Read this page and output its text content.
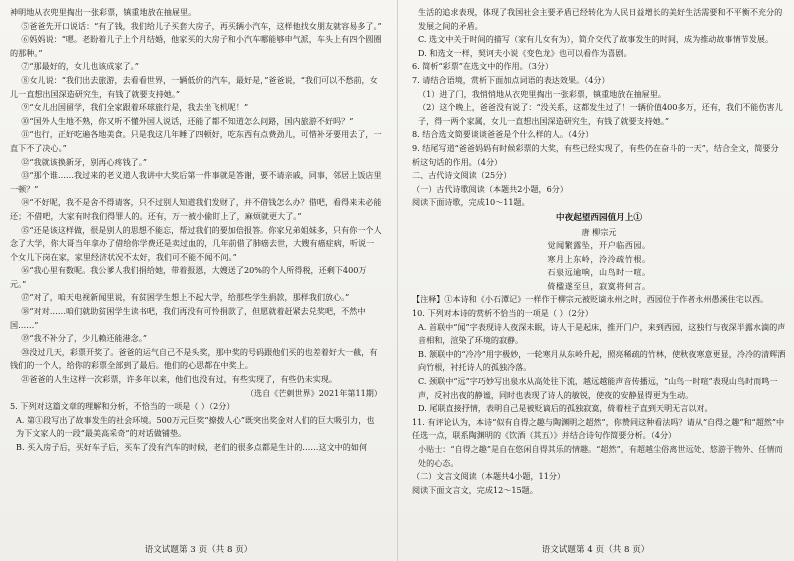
神明地从衣兜里掏出一张彩票，镇重地放在抽屉里。

⑤爸爸先开口说话：“有了钱，我们给儿子买套大房子，再买辆小汽车，这样他找女朋友就容易多了。”

⑥妈妈说：“嗯。老盼着儿子上个月结婚，他家买的大房子和小汽车哪能够申气派，车头上有四个圆圈的那种。”

⑦“那最好的，女儿也该成家了。”

⑧女儿说：“我们出去旅游，去看看世界，一辆低价的汽车，最好是，”爸爸说，“我们可以不愁前，女儿一直想出国深造研究生，有钱了就要支持她。”

⑨“女儿出国留学，我们全家跟着环球旅行是，我去坐飞机呢！”

⑩“国外人生地不熟，你又听不懂外国人说话，还能了都不知道怎么问路，国内旅游不好吗？”

⑪“也行，正好吃遍各地美食。只是我这几年睡了四顿好，吃东西有点费劲儿，可惜补牙要用去了，一直下不了决心。”

⑫“我就该换新牙，别再心疼钱了。”

⑬“那个谁……我过来的老义道人我讲中大奖后第一件事就是答谢，要不请亲戚，同事，邻居上饭店里一顿？”

⑭“不好呢，我不是舍不得请客，只不过别人知道我们发财了，并不借钱怎么办？借吧，看得来未必能还；不借吧，大家有时我们得罪人的。还有，万一被小偷盯上了，麻烦就更大了。”

⑮“还是该这样做，很是别人的思想不能忘，帮过我们的要加倍报答。你家兄弟姐妹多，只有你一个人念了大学，你大哥当年拿办了借给你学费还是卖过血的，几年前借了肺癌去世，大嫂有癌症病，听说一个女儿下岗在家，家里经济状况不太好，我们可不能不闻不问。”

⑯“我心里有数呢。我公爹人我们捐给她，带着报恩，大嫂送了20%的个人所得税，还剩下400万元。”

⑰“对了，咱天电视新闻里说，有贫困学生想上不起大学，给那些学生捐款，那样我们放心。”

⑱“对对……咱们就助贫困学生读书吧，我们再没有可怜捐款了，但愿就着赶紧去兑奖吧，不然中国……”

⑲“我不补分了，少儿赖还能港念。”

⑳没过几天，彩票开奖了。爸爸的运气自己不是头奖，那中奖的号码跟他们买的也差着好大一截，有钱们的一个人，给你的彩票全部到了最后。他们的心思都在中奖上。

㉑爸爸的人生这样一次彩票，许多年以来，他们也没有过，有些实现了，有些仍未实现。

（选自《芒刺世界》2021年第11期）

5. 下列对这篇文章的理解和分析，不恰当的一项是（ ）（2分）

A. 第①段写出了故事发生的社会环境。500万元巨奖“撩拨人心”既突出奖金对人们的巨大吸引力，也为下文家人的一段“最美高采奇”的对话做铺垫。

B. 买入房子后，买好车子后，买车了没有汽车的时候，老们的很多点都是生计的……这文中的如何

生活的追求表现，体现了我国社会主要矛盾已经转化为人民日益增长的美好生活需要和不平衡不充分的发展之间的矛盾。

C. 选文中关于时间的描写（家有儿女有为），简介交代了故事发生的时间，成为推动故事情节发展。

D. 和选文一样，契诃夫小说《变色龙》也可以看作为喜剧。

6. 简析“彩票”在选文中的作用。（3分）

7. 请结合语境，赏析下面加点词语的表达效果。（4分）

（1）进了门，我悄悄地从衣兜里掏出一张彩票，镇重地放在抽屉里。

（2）这个晚上，爸爸没有说了：“没关系，这都发生过了！一辆价值400多万，还有，我们不能伤害儿子，得一两个家属，女儿一直想出国深造研究生，有钱了就要支持她。”

8. 结合选文简要谈谈爸爸是个什么样的人。（4分）

9. 结尾写道“爸爸妈妈有时候彩票的大奖，有些已经实现了，有些仍在奋斗的一天”，结合全文，简要分析这句话的作用。（4分）

二、古代诗文阅读（25分）

（一）古代诗歌阅读（本题共2小题，6分）

阅读下面诗歌，完成10～11题。

中夜起望西园值月上①

唐 柳宗元

觉闻繁露坠，开户临西园。

寒月上东岭，泠泠疏竹根。

石泉远逾响，山鸟时一喧。

倚楹遂至旦，寂寞将何言。

【注释】①本诗和《小石潭记》一样作于柳宗元被贬谪永州之时，西园位于作者永州愚溪住宅以西。

10. 下列对本诗的赏析不恰当的一项是（ ）（2分）

A. 首联中“闻”字表现诗人夜深未眠，诗人于是起床，推开门户，来到西园，这独行与夜深半露水滴的声音相和，渲染了环境的寂静。

B. 颔联中的“冷冷”用字极妙，一轮寒月从东岭升起，照亮稀疏的竹林，使秋夜寒意更显，冷冷的清辉洒向竹根，衬托诗人的孤独冷落。

C. 颈联中“远”字巧妙写出泉水从高处往下流，越远越能声音传播远，“山鸟一时喧”表现山鸟时而鸣一声，反衬出夜的静谧，同时也表现了诗人的敏锐，使夜的安静显得更为生动。

D. 尾联直接抒情，表明自己是被贬谪后的孤独寂寞，倚着柱子直到天明无言以对。

11. 有评论认为，本诗“似有自得之趣与陶渊明之超然”，你赞同这种看法吗？请从“自得之趣”和“超然”中任选一点，联系陶渊明的《饮酒（其五）》并结合诗句作简要分析。（4分）

小贴士：“自得之趣”是自在悠闲自得其乐的情趣。“超然”，有超越尘俗离世远处、悠游于物外、任情而处的心态。

（二）文言文阅读（本题共4小题，11分）

阅读下面文言文，完成12～15题。

语文试题第 3 页（共 8 页）	语文试题第 4 页（共 8 页）
